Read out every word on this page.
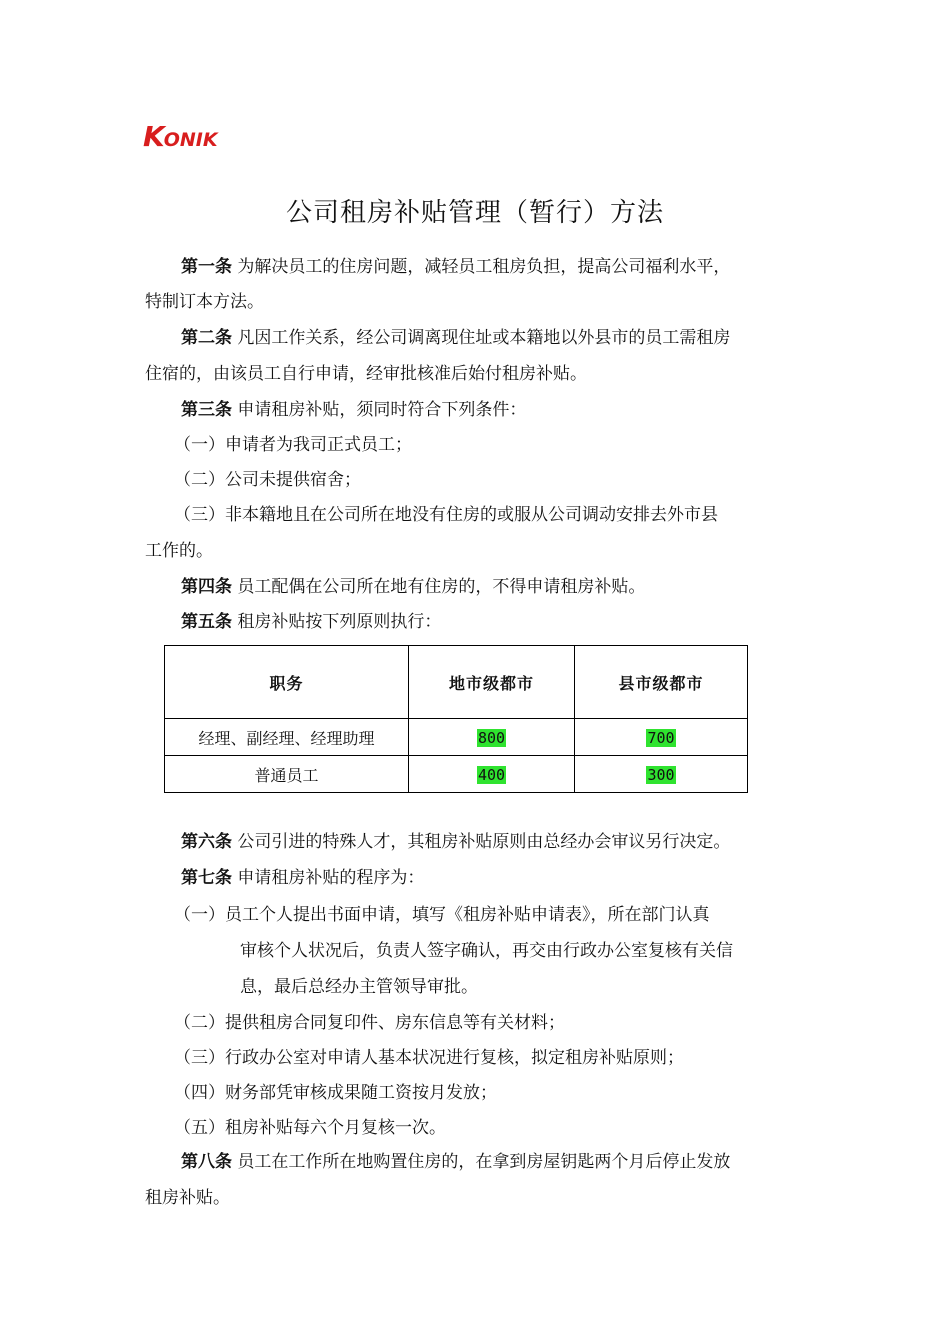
K ONIK
公司租房补贴管理（暂行）方法
第一条 为解决员工的住房问题，减轻员工租房负担，提高公司福利水平，
特制订本方法。
第二条 凡因工作关系，经公司调离现住址或本籍地以外县市的员工需租房
住宿的，由该员工自行申请，经审批核准后始付租房补贴。
第三条 申请租房补贴，须同时符合下列条件：
（一）申请者为我司正式员工；
（二）公司未提供宿舍；
（三）非本籍地且在公司所在地没有住房的或服从公司调动安排去外市县
工作的。
第四条 员工配偶在公司所在地有住房的，不得申请租房补贴。
第五条 租房补贴按下列原则执行：
职务	地市级都市	县市级都市
经理、副经理、经理助理	800	700
普通员工	400	300
第六条 公司引进的特殊人才，其租房补贴原则由总经办会审议另行决定。
第七条 申请租房补贴的程序为：
（一）员工个人提出书面申请，填写《租房补贴申请表》，所在部门认真
审核个人状况后，负责人签字确认，再交由行政办公室复核有关信
息，最后总经办主管领导审批。
（二）提供租房合同复印件、房东信息等有关材料；
（三）行政办公室对申请人基本状况进行复核，拟定租房补贴原则；
（四）财务部凭审核成果随工资按月发放；
（五）租房补贴每六个月复核一次。
第八条 员工在工作所在地购置住房的，在拿到房屋钥匙两个月后停止发放
租房补贴。
